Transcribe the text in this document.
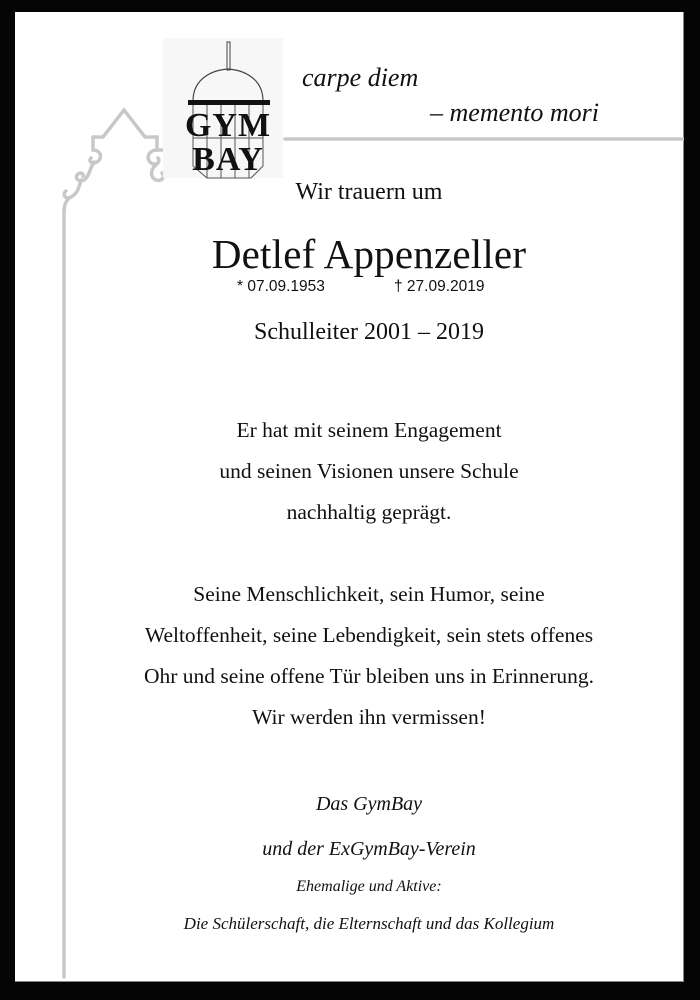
GYM
BAY
carpe diem
– memento mori
Wir trauern um
Detlef Appenzeller
* 07.09.1953	† 27.09.2019
Schulleiter 2001 – 2019
Er hat mit seinem Engagement
und seinen Visionen unsere Schule
nachhaltig geprägt.
Seine Menschlichkeit, sein Humor, seine
Weltoffenheit, seine Lebendigkeit, sein stets offenes
Ohr und seine offene Tür bleiben uns in Erinnerung.
Wir werden ihn vermissen!
Das GymBay
und der ExGymBay-Verein
Ehemalige und Aktive:
Die Schülerschaft, die Elternschaft und das Kollegium
